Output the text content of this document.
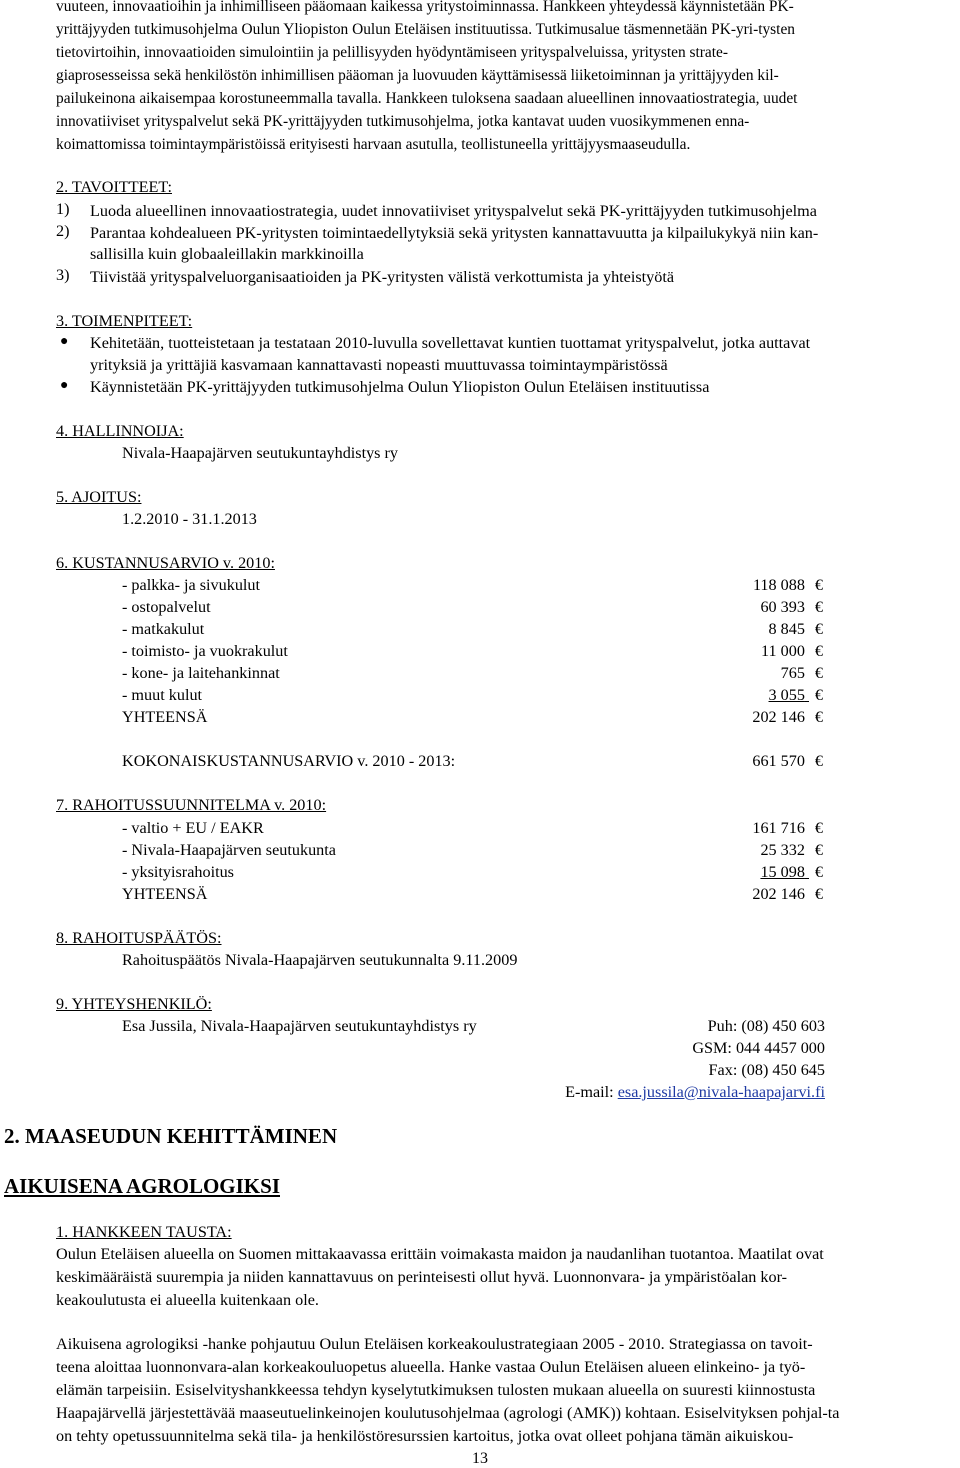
vuuteen, innovaatioihin ja inhimilliseen pääomaan kaikessa yritystoiminnassa. Hankkeen yhteydessä käynnistetään PK-
yrittäjyyden tutkimusohjelma Oulun Yliopiston Oulun Eteläisen instituutissa. Tutkimusalue täsmennetään PK-yri-tysten
tietovirtoihin, innovaatioiden simulointiin ja pelillisyyden hyödyntämiseen yrityspalveluissa, yritysten strate-
giaprosesseissa sekä henkilöstön inhimillisen pääoman ja luovuuden käyttämisessä liiketoiminnan ja yrittäjyyden kil-
pailukeinona aikaisempaa korostuneemmalla tavalla. Hankkeen tuloksena saadaan alueellinen innovaatiostrategia, uudet
innovatiiviset yrityspalvelut sekä PK-yrittäjyyden tutkimusohjelma, jotka kantavat uuden vuosikymmenen enna-
koimattomissa toimintaympäristöissä erityisesti harvaan asutulla, teollistuneella yrittäjyysmaaseudulla.
2. TAVOITTEET:
1) Luoda alueellinen innovaatiostrategia, uudet innovatiiviset yrityspalvelut sekä PK-yrittäjyyden tutkimusohjelma
2) Parantaa kohdealueen PK-yritysten toimintaedellytyksiä sekä yritysten kannattavuutta ja kilpailukykyä niin kan-
sallisilla kuin globaaleillakin markkinoilla
3) Tiivistää yrityspalveluorganisaatioiden ja PK-yritysten välistä verkottumista ja yhteistyötä
3. TOIMENPITEET:
● Kehitetään, tuotteistetaan ja testataan 2010-luvulla sovellettavat kuntien tuottamat yrityspalvelut, jotka auttavat
yrityksiä ja yrittäjiä kasvamaan kannattavasti nopeasti muuttuvassa toimintaympäristössä
● Käynnistetään PK-yrittäjyyden tutkimusohjelma Oulun Yliopiston Oulun Eteläisen instituutissa
4. HALLINNOIJA:
Nivala-Haapajärven seutukuntayhdistys ry
5. AJOITUS:
1.2.2010 - 31.1.2013
6. KUSTANNUSARVIO v. 2010:
- palkka- ja sivukulut	118 088 €
- ostopalvelut	60 393 €
- matkakulut	8 845 €
- toimisto- ja vuokrakulut	11 000 €
- kone- ja laitehankinnat	765 €
- muut kulut	3 055 €
YHTEENSÄ	202 146 €
KOKONAISKUSTANNUSARVIO v. 2010 - 2013:	661 570 €
7. RAHOITUSSUUNNITELMA v. 2010:
- valtio + EU / EAKR	161 716 €
- Nivala-Haapajärven seutukunta	25 332 €
- yksityisrahoitus	15 098 €
YHTEENSÄ	202 146 €
8. RAHOITUSPÄÄTÖS:
Rahoituspäätös Nivala-Haapajärven seutukunnalta 9.11.2009
9. YHTEYSHENKILÖ:
Esa Jussila, Nivala-Haapajärven seutukuntayhdistys ry	Puh: (08) 450 603
GSM: 044 4457 000
Fax: (08) 450 645
E-mail: esa.jussila@nivala-haapajarvi.fi
2. MAASEUDUN KEHITTÄMINEN
AIKUISENA AGROLOGIKSI
1. HANKKEEN TAUSTA:
Oulun Eteläisen alueella on Suomen mittakaavassa erittäin voimakasta maidon ja naudanlihan tuotantoa. Maatilat ovat
keskimääräistä suurempia ja niiden kannattavuus on perinteisesti ollut hyvä. Luonnonvara- ja ympäristöalan kor-
keakoulutusta ei alueella kuitenkaan ole.
Aikuisena agrologiksi -hanke pohjautuu Oulun Eteläisen korkeakoulustrategiaan 2005 - 2010. Strategiassa on tavoit-
teena aloittaa luonnonvara-alan korkeakouluopetus alueella. Hanke vastaa Oulun Eteläisen alueen elinkeino- ja työ-
elämän tarpeisiin. Esiselvityshankkeessa tehdyn kyselytutkimuksen tulosten mukaan alueella on suuresti kiinnostusta
Haapajärvellä järjestettävää maaseutuelinkeinojen koulutusohjelmaa (agrologi (AMK)) kohtaan. Esiselvityksen pohjal-ta
on tehty opetussuunnitelma sekä tila- ja henkilöstöresurssien kartoitus, jotka ovat olleet pohjana tämän aikuiskou-
13
